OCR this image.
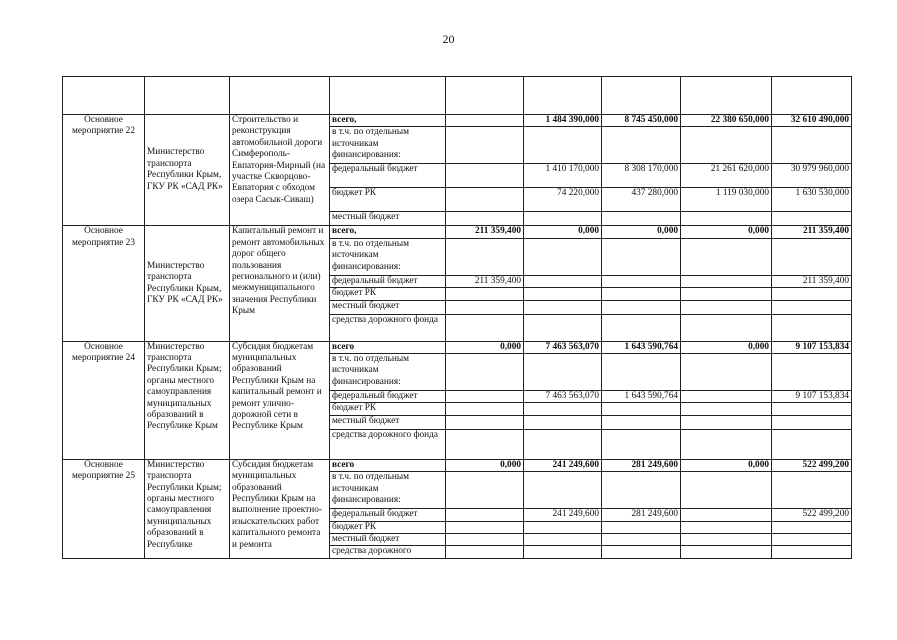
20

Основное мероприятие 22	Министерство транспорта Республики Крым, ГКУ РК «САД РК»	Строительство и реконструкция автомобильной дороги Симферополь-Евпатория-Мирный (на участке Скворцово-Евпатория с обходом озера Сасык-Сиваш)	всего,		1 484 390,000	8 745 450,000	22 380 650,000	32 610 490,000
			в т.ч. по отдельным источникам финансирования:					
			федеральный бюджет		1 410 170,000	8 308 170,000	21 261 620,000	30 979 960,000
			бюджет РК		74 220,000	437 280,000	1 119 030,000	1 630 530,000
			местный бюджет					
Основное мероприятие 23	Министерство транспорта Республики Крым, ГКУ РК «САД РК»	Капитальный ремонт и ремонт автомобильных дорог общего пользования регионального и (или) межмуниципального значения Республики Крым	всего,	211 359,400	0,000	0,000	0,000	211 359,400
			в т.ч. по отдельным источникам финансирования:					
			федеральный бюджет	211 359,400				211 359,400
			бюджет РК					
			местный бюджет					
			средства дорожного фонда					
Основное мероприятие 24	Министерство транспорта Республики Крым; органы местного самоуправления муниципальных образований в Республике Крым	Субсидия бюджетам муниципальных образований Республики Крым на капитальный ремонт и ремонт улично-дорожной сети в Республике Крым	всего	0,000	7 463 563,070	1 643 590,764	0,000	9 107 153,834
			в т.ч. по отдельным источникам финансирования:					
			федеральный бюджет		7 463 563,070	1 643 590,764		9 107 153,834
			бюджет РК					
			местный бюджет					
			средства дорожного фонда					
Основное мероприятие 25	Министерство транспорта Республики Крым; органы местного самоуправления муниципальных образований в Республике	Субсидия бюджетам муниципальных образований Республики Крым на выполнение проектно-изыскательских работ капитального ремонта и ремонта	всего	0,000	241 249,600	281 249,600	0,000	522 499,200
			в т.ч. по отдельным источникам финансирования:					
			федеральный бюджет		241 249,600	281 249,600		522 499,200
			бюджет РК					
			местный бюджет					
			средства дорожного					
